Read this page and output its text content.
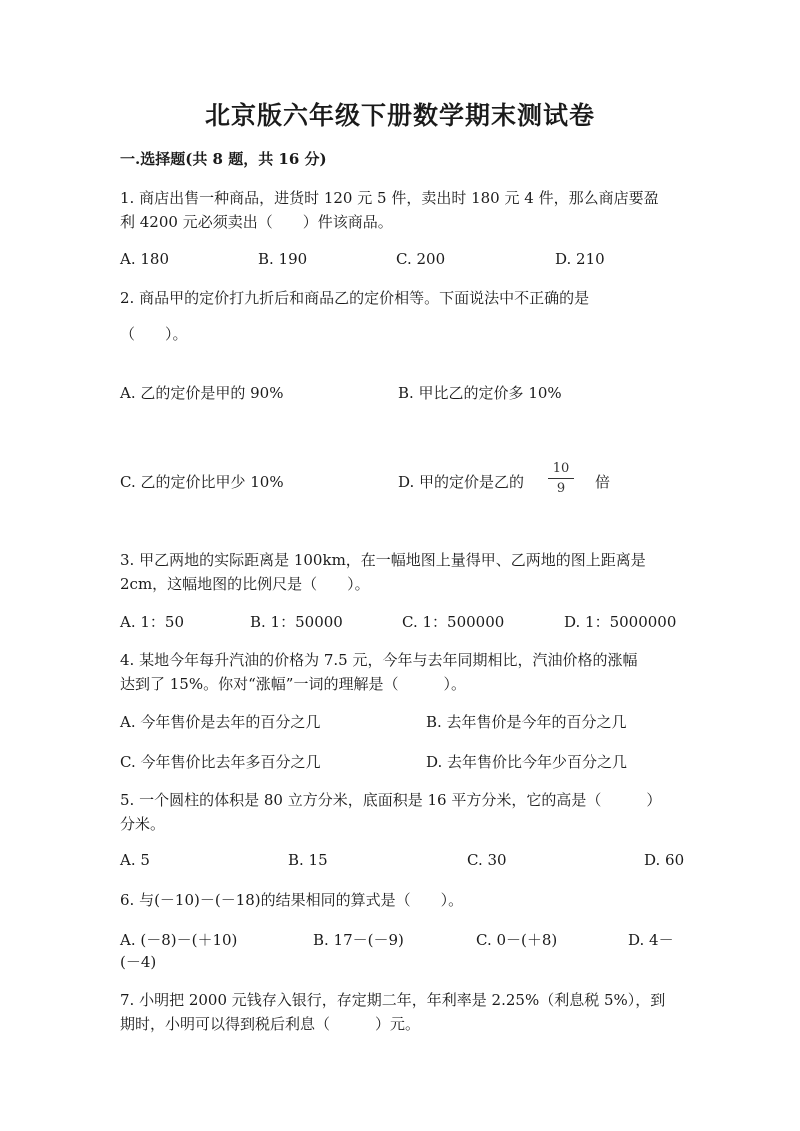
北京版六年级下册数学期末测试卷
一.选择题(共 8 题，共 16 分)
1. 商店出售一种商品，进货时 120 元 5 件，卖出时 180 元 4 件，那么商店要盈
利 4200 元必须卖出（　　）件该商品。
A. 180	B. 190	C. 200	D. 210
2. 商品甲的定价打九折后和商品乙的定价相等。下面说法中不正确的是
（　　）。
A. 乙的定价是甲的 90%	B. 甲比乙的定价多 10%
C. 乙的定价比甲少 10%	D. 甲的定价是乙的
10
9	倍
3. 甲乙两地的实际距离是 100km，在一幅地图上量得甲、乙两地的图上距离是
2cm，这幅地图的比例尺是（　　）。
A. 1：50	B. 1：50000	C. 1：500000	D. 1：5000000
4. 某地今年每升汽油的价格为 7.5 元，今年与去年同期相比，汽油价格的涨幅
达到了 15%。你对“涨幅”一词的理解是（　　　）。
A. 今年售价是去年的百分之几	B. 去年售价是今年的百分之几
C. 今年售价比去年多百分之几	D. 去年售价比今年少百分之几
5. 一个圆柱的体积是 80 立方分米，底面积是 16 平方分米，它的高是（　　　）
分米。
A. 5	B. 15	C. 30	D. 60
6. 与(－10)－(－18)的结果相同的算式是（　　）。
A. (－8)－(＋10)	B. 17－(－9)	C. 0－(＋8)	D. 4－
(－4)
7. 小明把 2000 元钱存入银行，存定期二年，年利率是 2.25%（利息税 5%），到
期时，小明可以得到税后利息（　　　）元。
